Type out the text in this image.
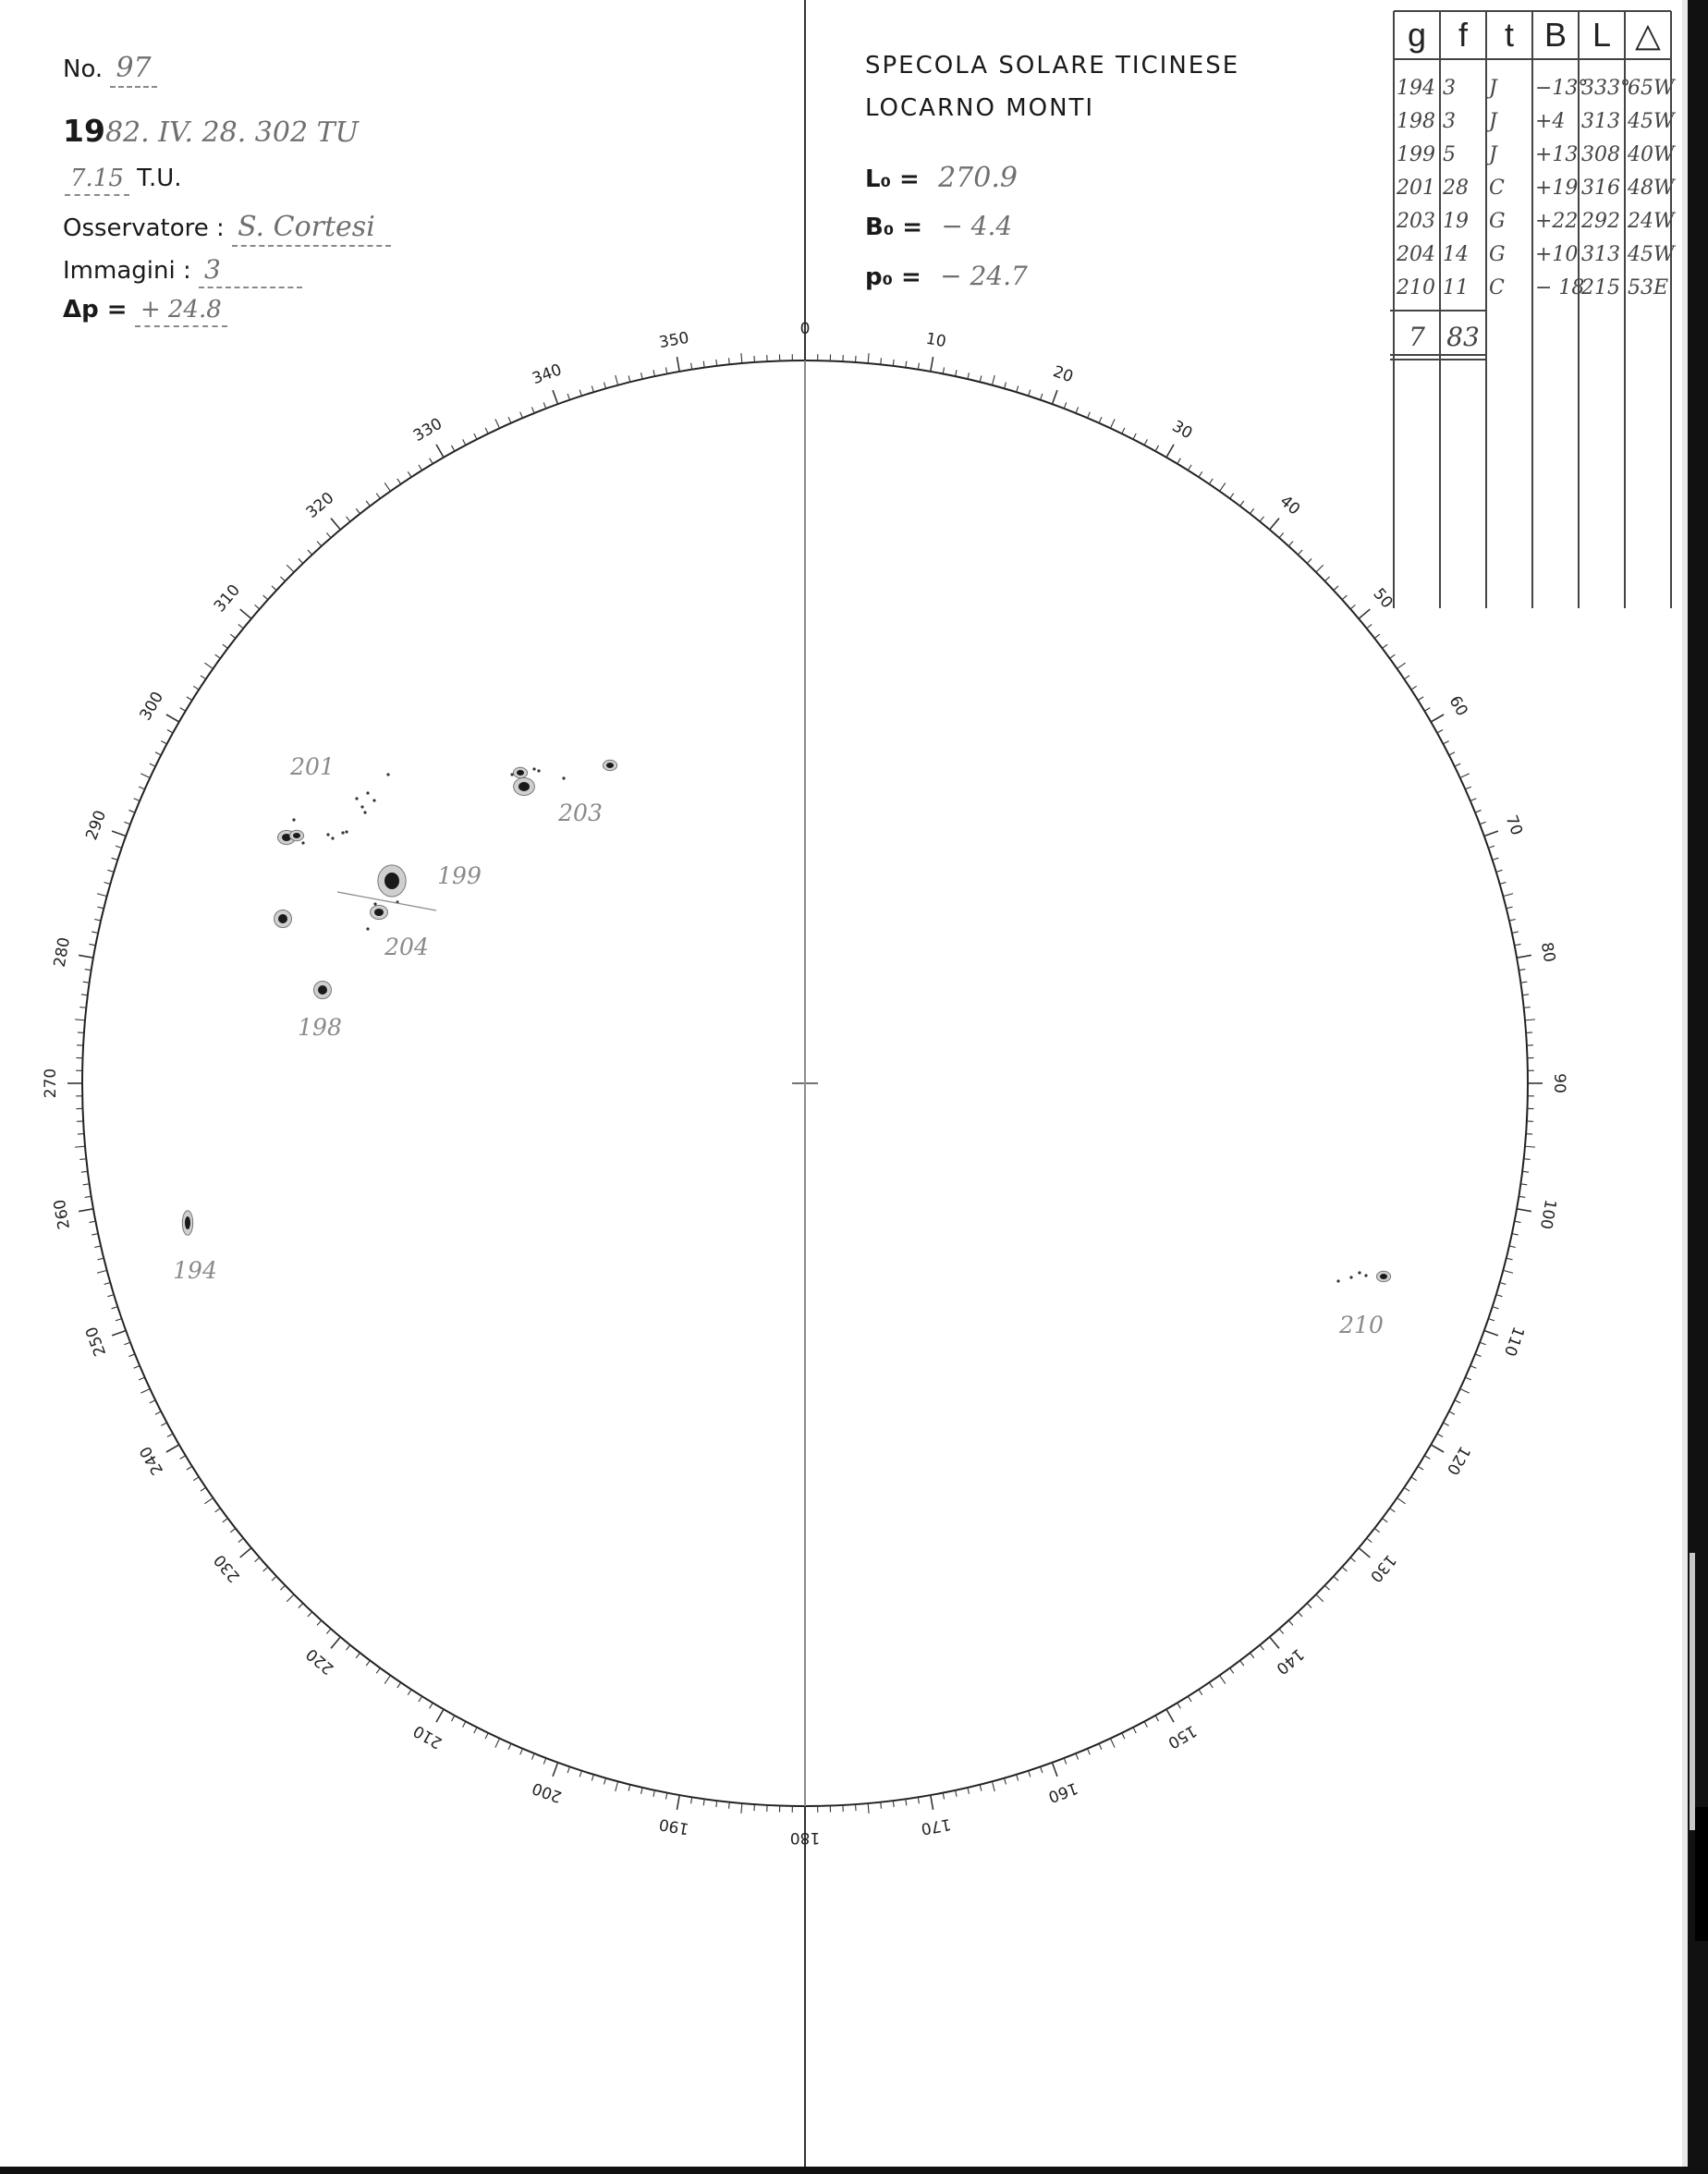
No. 97
1982. IV. 28. 302 TU
7.15 T.U.
Osservatore : S. Cortesi
Immagini : 3
Δp = + 24.8
SPECOLA SOLARE TICINESE
LOCARNO MONTI
L₀ = 270.9
B₀ = − 4.4
p₀ = − 24.7
g f t B L △
194 3 J −13°
333°
65W
198 3 J +4 313 45W
199 5 J +13 308 40W
201 28 C +19 316 48W
203 19 G +22 292 24W
204 14 G +10 313 45W
210 11 C − 18
215 53E
7 83
0
10
20
30
40
50
60
70
80
90
100
110
120
130
140
150
160
170
180
190
200
210
220
230
240
250
260
270
280
290
300
310
320
330
340
350
201
203
199
204
198
194
210
